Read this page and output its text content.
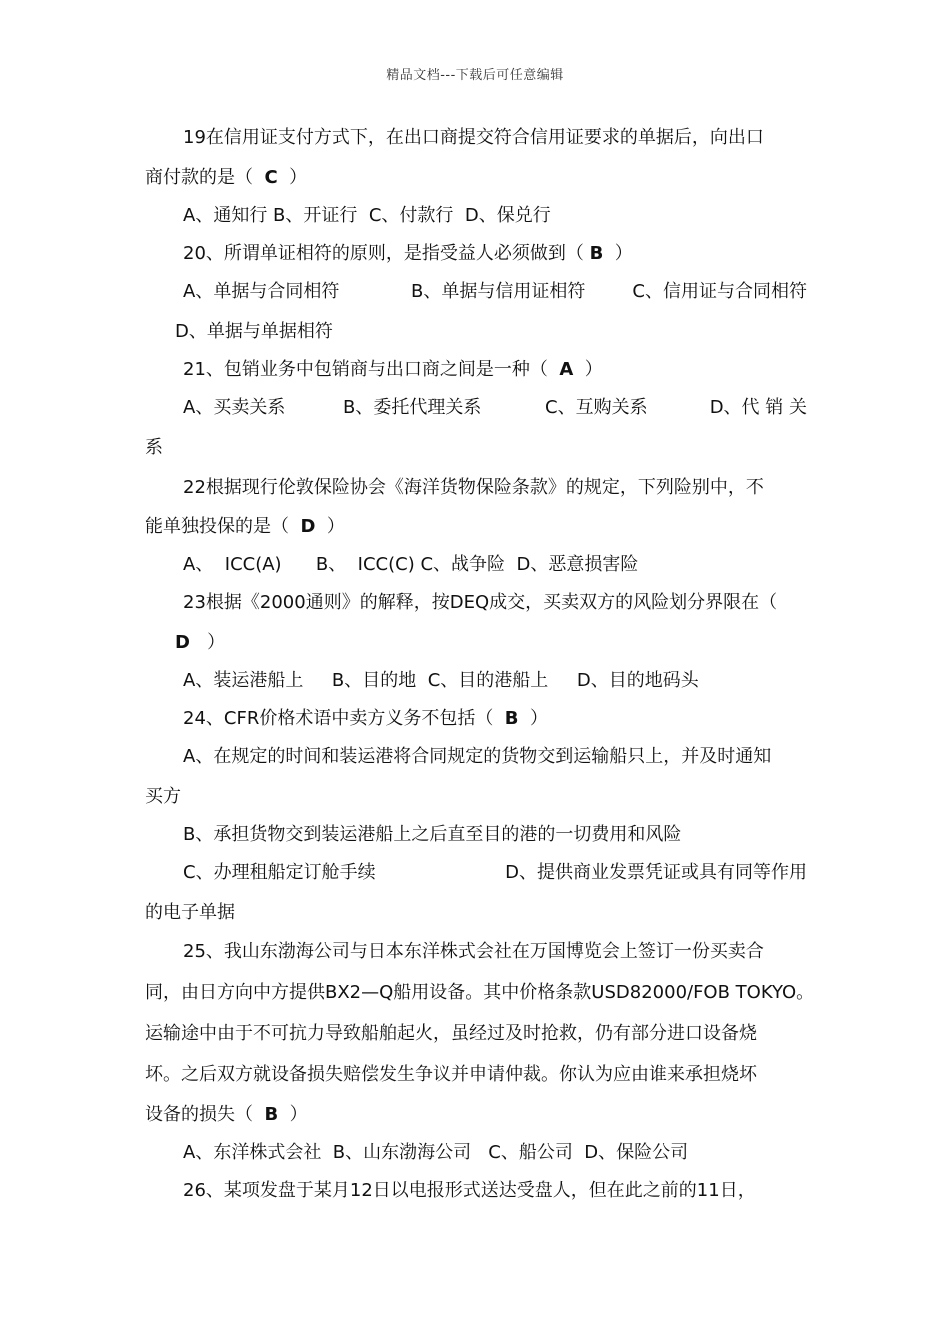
精品文档---下载后可任意编辑
19在信用证支付方式下，在出口商提交符合信用证要求的单据后，向出口
商付款的是（  C  ）
A、通知行 B、开证行  C、付款行  D、保兑行
20、所谓单证相符的原则，是指受益人必须做到（ B  ）
A、单据与合同相符	B、单据与信用证相符	C、信用证与合同相符
D、单据与单据相符
21、包销业务中包销商与出口商之间是一种（  A  ）
A、买卖关系	B、委托代理关系	C、互购关系	D、代 销 关
系
22根据现行伦敦保险协会《海洋货物保险条款》的规定，下列险别中，不
能单独投保的是（  D  ）
A、  ICC(A)      B、  ICC(C) C、战争险  D、恶意损害险
23根据《2000通则》的解释，按DEQ成交，买卖双方的风险划分界限在（
D   ）
A、装运港船上     B、目的地  C、目的港船上     D、目的地码头
24、CFR价格术语中卖方义务不包括（  B  ）
A、在规定的时间和装运港将合同规定的货物交到运输船只上，并及时通知
买方
B、承担货物交到装运港船上之后直至目的港的一切费用和风险
C、办理租船定订舱手续	D、提供商业发票凭证或具有同等作用
的电子单据
25、我山东渤海公司与日本东洋株式会社在万国博览会上签订一份买卖合
同，由日方向中方提供BX2—Q船用设备。其中价格条款USD82000/FOB TOKYO。
运输途中由于不可抗力导致船舶起火，虽经过及时抢救，仍有部分进口设备烧
坏。之后双方就设备损失赔偿发生争议并申请仲裁。你认为应由谁来承担烧坏
设备的损失（  B  ）
A、东洋株式会社  B、山东渤海公司   C、船公司  D、保险公司
26、某项发盘于某月12日以电报形式送达受盘人，但在此之前的11日，
